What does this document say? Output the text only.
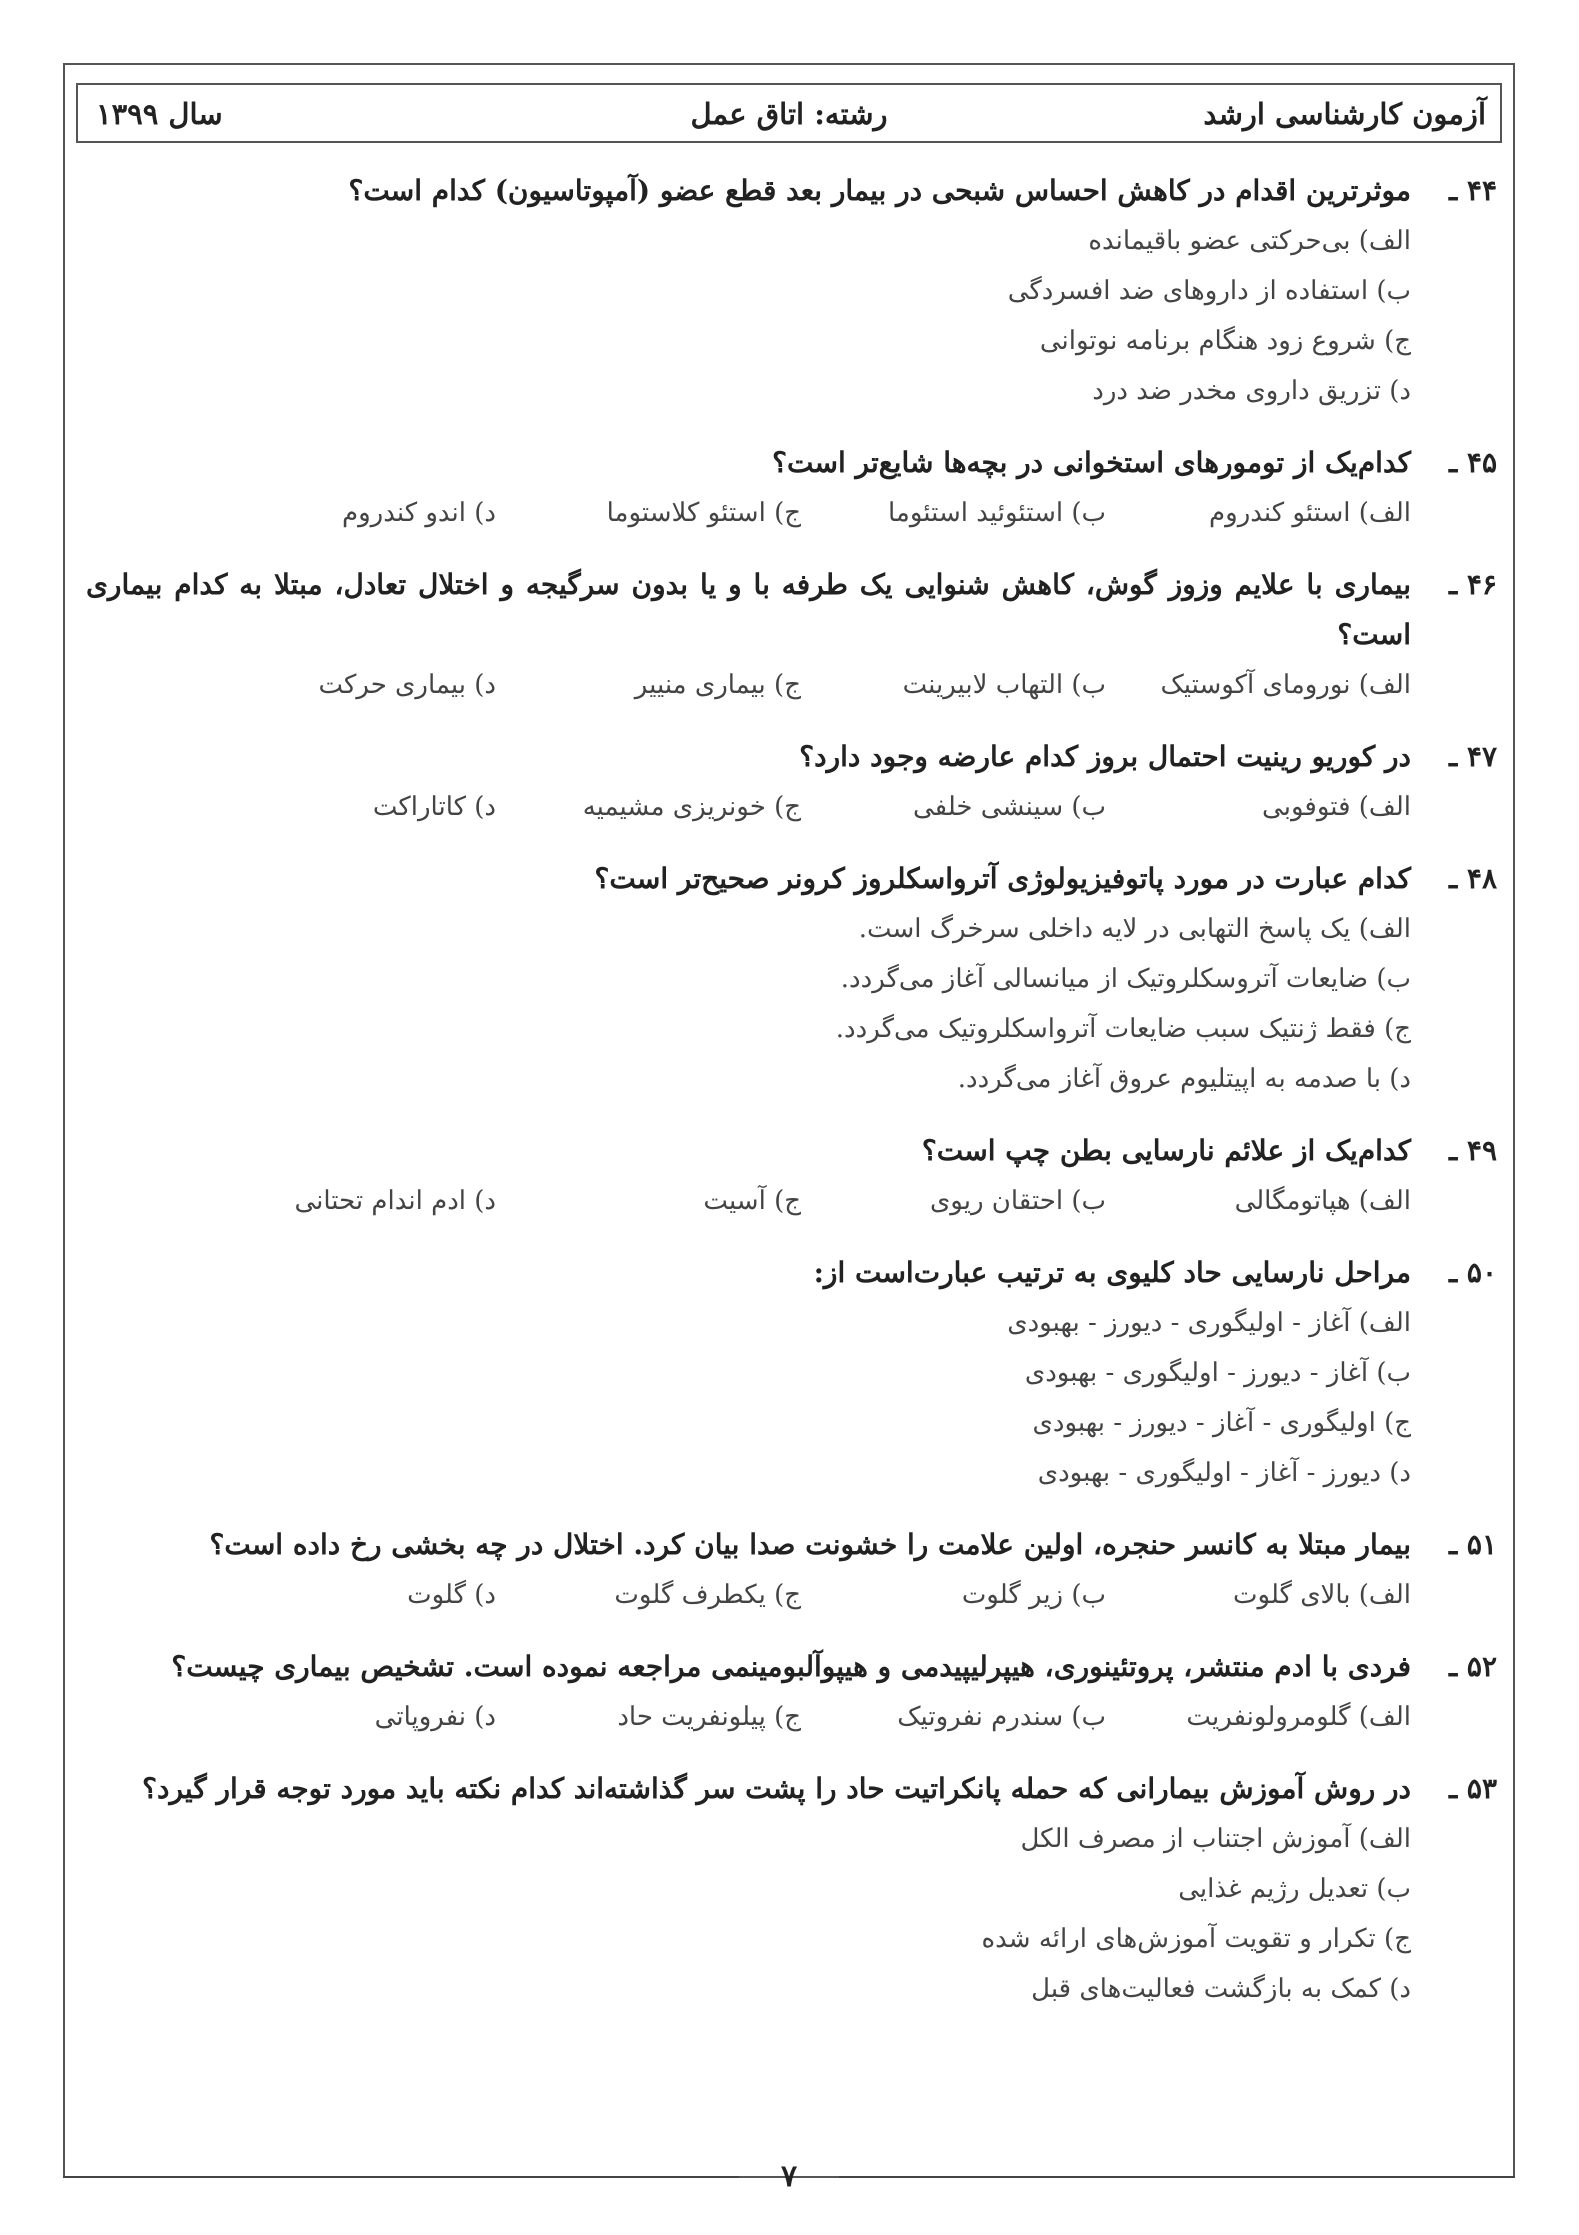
آزمون کارشناسی ارشد
رشته: اتاق عمل
سال ۱۳۹۹
۴۴ ـ
موثرترین اقدام در کاهش احساس شبحی در بیمار بعد قطع عضو (آمپوتاسیون) کدام است؟
الف) بی‌حرکتی عضو باقیمانده
ب) استفاده از داروهای ضد افسردگی
ج) شروع زود هنگام برنامه نوتوانی
د) تزریق داروی مخدر ضد درد
۴۵ ـ
کدام‌یک از تومورهای استخوانی در بچه‌ها شایع‌تر است؟
الف) استئو کندروم
ب) استئوئید استئوما
ج) استئو کلاستوما
د) اندو کندروم
۴۶ ـ
بیماری با علایم وزوز گوش، کاهش شنوایی یک طرفه با و یا بدون سرگیجه و اختلال تعادل، مبتلا به کدام بیماری است؟
الف) نورومای آکوستیک
ب) التهاب لابیرینت
ج) بیماری منییر
د) بیماری حرکت
۴۷ ـ
در کوریو رینیت احتمال بروز کدام عارضه وجود دارد؟
الف) فتوفوبی
ب) سینشی خلفی
ج) خونریزی مشیمیه
د) کاتاراکت
۴۸ ـ
کدام عبارت در مورد پاتوفیزیولوژی آترواسکلروز کرونر صحیح‌تر است؟
الف) یک پاسخ التهابی در لایه داخلی سرخرگ است.
ب) ضایعات آتروسکلروتیک از میانسالی آغاز می‌گردد.
ج) فقط ژنتیک سبب ضایعات آترواسکلروتیک می‌گردد.
د) با صدمه به اپیتلیوم عروق آغاز می‌گردد.
۴۹ ـ
کدام‌یک از علائم نارسایی بطن چپ است؟
الف) هپاتومگالی
ب) احتقان ریوی
ج) آسیت
د) ادم اندام تحتانی
۵۰ ـ
مراحل نارسایی حاد کلیوی به ترتیب عبارت‌است از:
الف) آغاز - اولیگوری - دیورز - بهبودی
ب) آغاز - دیورز - اولیگوری - بهبودی
ج) اولیگوری - آغاز - دیورز - بهبودی
د) دیورز - آغاز - اولیگوری - بهبودی
۵۱ ـ
بیمار مبتلا به کانسر حنجره، اولین علامت را خشونت صدا بیان کرد. اختلال در چه بخشی رخ داده است؟
الف) بالای گلوت
ب) زیر گلوت
ج) یکطرف گلوت
د) گلوت
۵۲ ـ
فردی با ادم منتشر، پروتئینوری، هیپرلیپیدمی و هیپوآلبومینمی مراجعه نموده است. تشخیص بیماری چیست؟
الف) گلومرولونفریت
ب) سندرم نفروتیک
ج) پیلونفریت حاد
د) نفروپاتی
۵۳ ـ
در روش آموزش بیمارانی که حمله پانکراتیت حاد را پشت سر گذاشته‌اند کدام نکته باید مورد توجه قرار گیرد؟
الف) آموزش اجتناب از مصرف الکل
ب) تعدیل رژیم غذایی
ج) تکرار و تقویت آموزش‌های ارائه شده
د) کمک به بازگشت فعالیت‌های قبل
۷
